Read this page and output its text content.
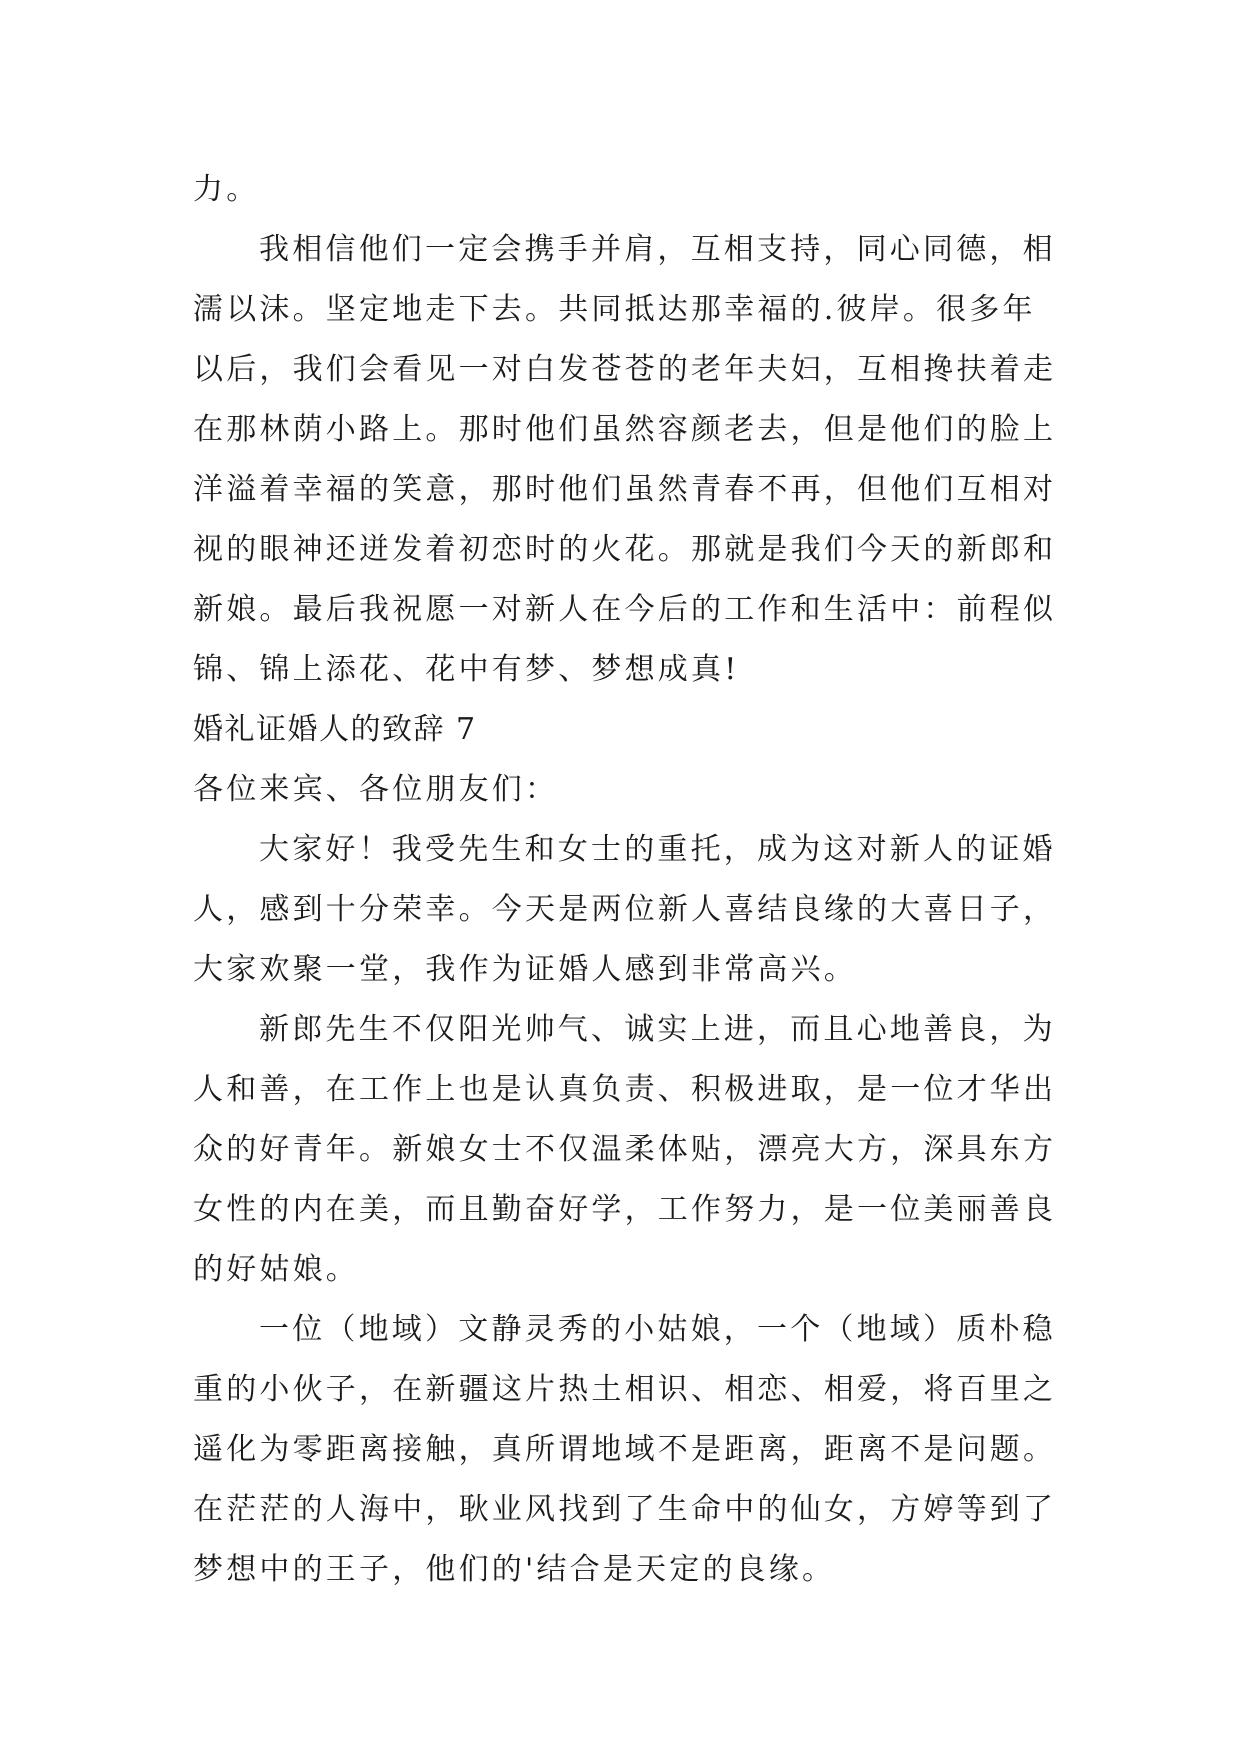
力。
我相信他们一定会携手并肩，互相支持，同心同德，相
濡以沫。坚定地走下去。共同抵达那幸福的.彼岸。很多年
以后，我们会看见一对白发苍苍的老年夫妇，互相搀扶着走
在那林荫小路上。那时他们虽然容颜老去，但是他们的脸上
洋溢着幸福的笑意，那时他们虽然青春不再，但他们互相对
视的眼神还迸发着初恋时的火花。那就是我们今天的新郎和
新娘。最后我祝愿一对新人在今后的工作和生活中：前程似
锦、锦上添花、花中有梦、梦想成真!
婚礼证婚人的致辞 7
各位来宾、各位朋友们：
大家好！我受先生和女士的重托，成为这对新人的证婚
人，感到十分荣幸。今天是两位新人喜结良缘的大喜日子，
大家欢聚一堂，我作为证婚人感到非常高兴。
新郎先生不仅阳光帅气、诚实上进，而且心地善良，为
人和善，在工作上也是认真负责、积极进取，是一位才华出
众的好青年。新娘女士不仅温柔体贴，漂亮大方，深具东方
女性的内在美，而且勤奋好学，工作努力，是一位美丽善良
的好姑娘。
一位（地域）文静灵秀的小姑娘，一个（地域）质朴稳
重的小伙子，在新疆这片热土相识、相恋、相爱，将百里之
遥化为零距离接触，真所谓地域不是距离，距离不是问题。
在茫茫的人海中，耿业风找到了生命中的仙女，方婷等到了
梦想中的王子，他们的'结合是天定的良缘。
